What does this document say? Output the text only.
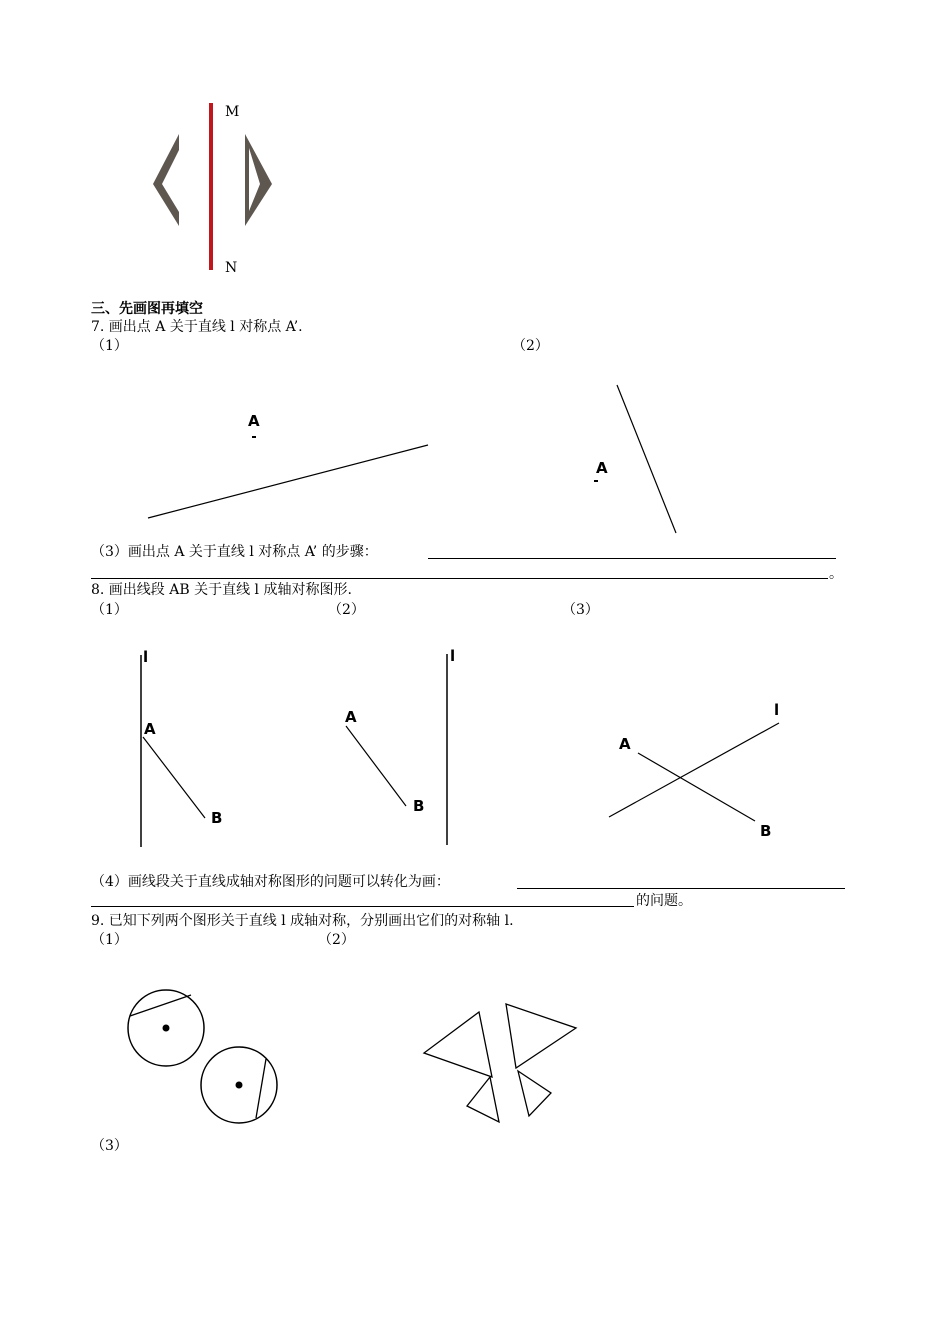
M
N
三、先画图再填空
7. 画出点 A 关于直线 l 对称点 A’.
（1）	（2）
A
A
（3）画出点 A 关于直线 l 对称点 A’ 的步骤：
。
8. 画出线段 AB 关于直线 l 成轴对称图形.
（1）	（2）	（3）
l
A
B
l
A
B
l
A
B
（4）画线段关于直线成轴对称图形的问题可以转化为画：
的问题。
9. 已知下列两个图形关于直线 l 成轴对称，分别画出它们的对称轴 l.
（1）	（2）
（3）
